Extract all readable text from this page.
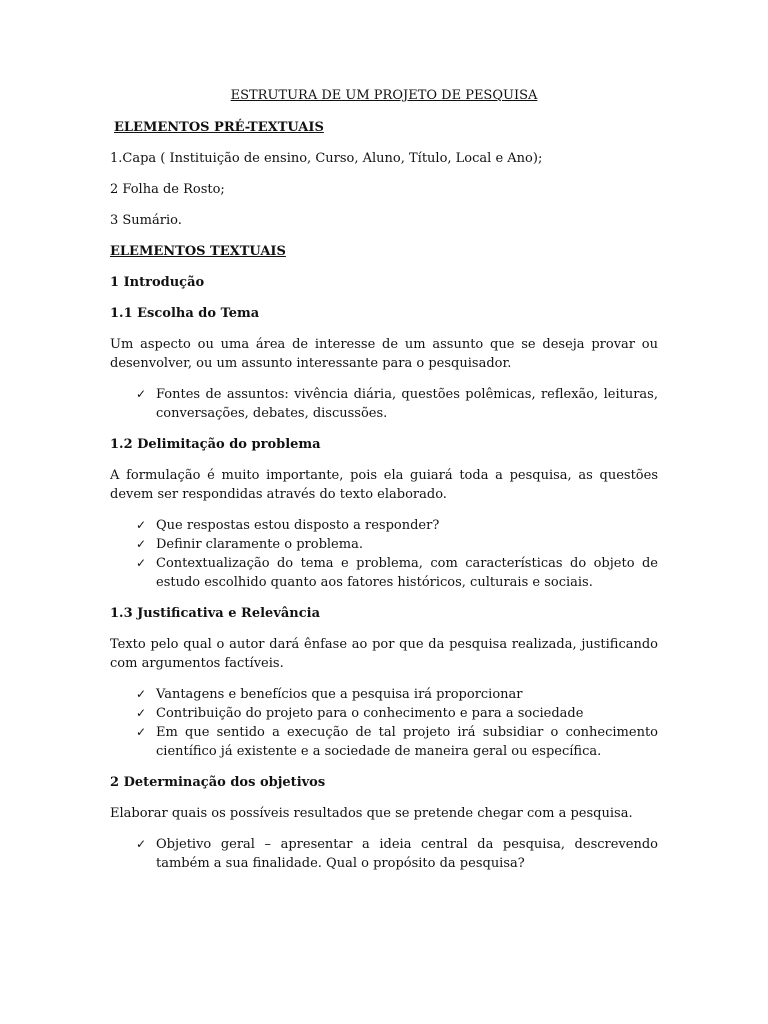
ESTRUTURA DE UM PROJETO DE PESQUISA

ELEMENTOS PRÉ-TEXTUAIS

1.Capa ( Instituição de ensino, Curso, Aluno, Título, Local e Ano);

2 Folha de Rosto;

3 Sumário.

ELEMENTOS TEXTUAIS

1 Introdução

1.1 Escolha do Tema

Um aspecto ou uma área de interesse de um assunto que se deseja provar ou desenvolver, ou um assunto interessante para o pesquisador.

✓ Fontes de assuntos: vivência diária, questões polêmicas, reflexão, leituras, conversações, debates, discussões.

1.2 Delimitação do problema

A formulação é muito importante, pois ela guiará toda a pesquisa, as questões devem ser respondidas através do texto elaborado.

✓ Que respostas estou disposto a responder?
✓ Definir claramente o problema.
✓ Contextualização do tema e problema, com características do objeto de estudo escolhido quanto aos fatores históricos, culturais e sociais.

1.3 Justificativa e Relevância

Texto pelo qual o autor dará ênfase ao por que da pesquisa realizada, justificando com argumentos factíveis.

✓ Vantagens e benefícios que a pesquisa irá proporcionar
✓ Contribuição do projeto para o conhecimento e para a sociedade
✓ Em que sentido a execução de tal projeto irá subsidiar o conhecimento científico já existente e a sociedade de maneira geral ou específica.

2 Determinação dos objetivos

Elaborar quais os possíveis resultados que se pretende chegar com a pesquisa.

✓ Objetivo geral – apresentar a ideia central da pesquisa, descrevendo também a sua finalidade. Qual o propósito da pesquisa?
